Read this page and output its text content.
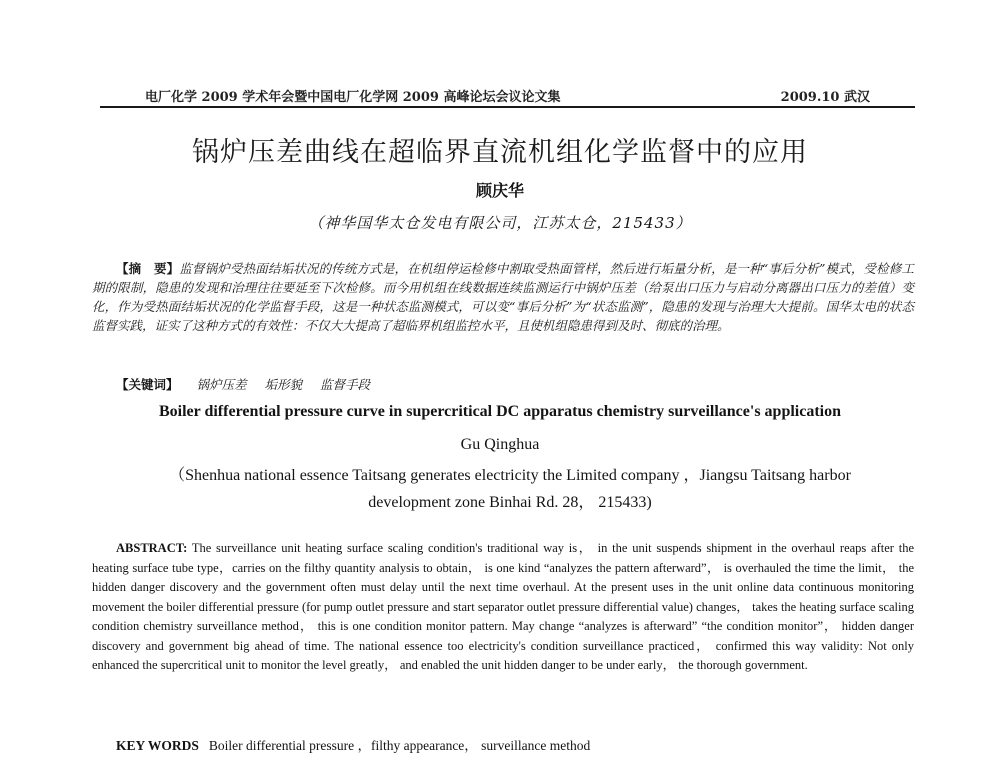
电厂化学 2009 学术年会暨中国电厂化学网 2009 高峰论坛会议论文集	2009.10 武汉
锅炉压差曲线在超临界直流机组化学监督中的应用
顾庆华
（神华国华太仓发电有限公司，江苏太仓，215433）
【摘　要】监督锅炉受热面结垢状况的传统方式是，在机组停运检修中割取受热面管样，然后进行垢量分析，是一种“事后分析”模式，受检修工期的限制，隐患的发现和治理往往要延至下次检修。而今用机组在线数据连续监测运行中锅炉压差（给泵出口压力与启动分离器出口压力的差值）变化，作为受热面结垢状况的化学监督手段，这是一种状态监测模式，可以变“事后分析”为“状态监测”，隐患的发现与治理大大提前。国华太电的状态监督实践，证实了这种方式的有效性：不仅大大提高了超临界机组监控水平，且使机组隐患得到及时、彻底的治理。
【关键词】 锅炉压差 垢形貌 监督手段
Boiler differential pressure curve in supercritical DC apparatus chemistry surveillance's application
Gu Qinghua
（Shenhua national essence Taitsang generates electricity the Limited company ，Jiangsu Taitsang harbor development zone Binhai Rd. 28， 215433)
ABSTRACT: The surveillance unit heating surface scaling condition's traditional way is， in the unit suspends shipment in the overhaul reaps after the heating surface tube type，carries on the filthy quantity analysis to obtain， is one kind “analyzes the pattern afterward”， is overhauled the time the limit， the hidden danger discovery and the government often must delay until the next time overhaul. At the present uses in the unit online data continuous monitoring movement the boiler differential pressure (for pump outlet pressure and start separator outlet pressure differential value) changes， takes the heating surface scaling condition chemistry surveillance method， this is one condition monitor pattern. May change “analyzes is afterward” “the condition monitor”， hidden danger discovery and government big ahead of time. The national essence too electricity's condition surveillance practiced， confirmed this way validity: Not only enhanced the supercritical unit to monitor the level greatly， and enabled the unit hidden danger to be under early， the thorough government.
KEY WORDS Boiler differential pressure ，filthy appearance， surveillance method
